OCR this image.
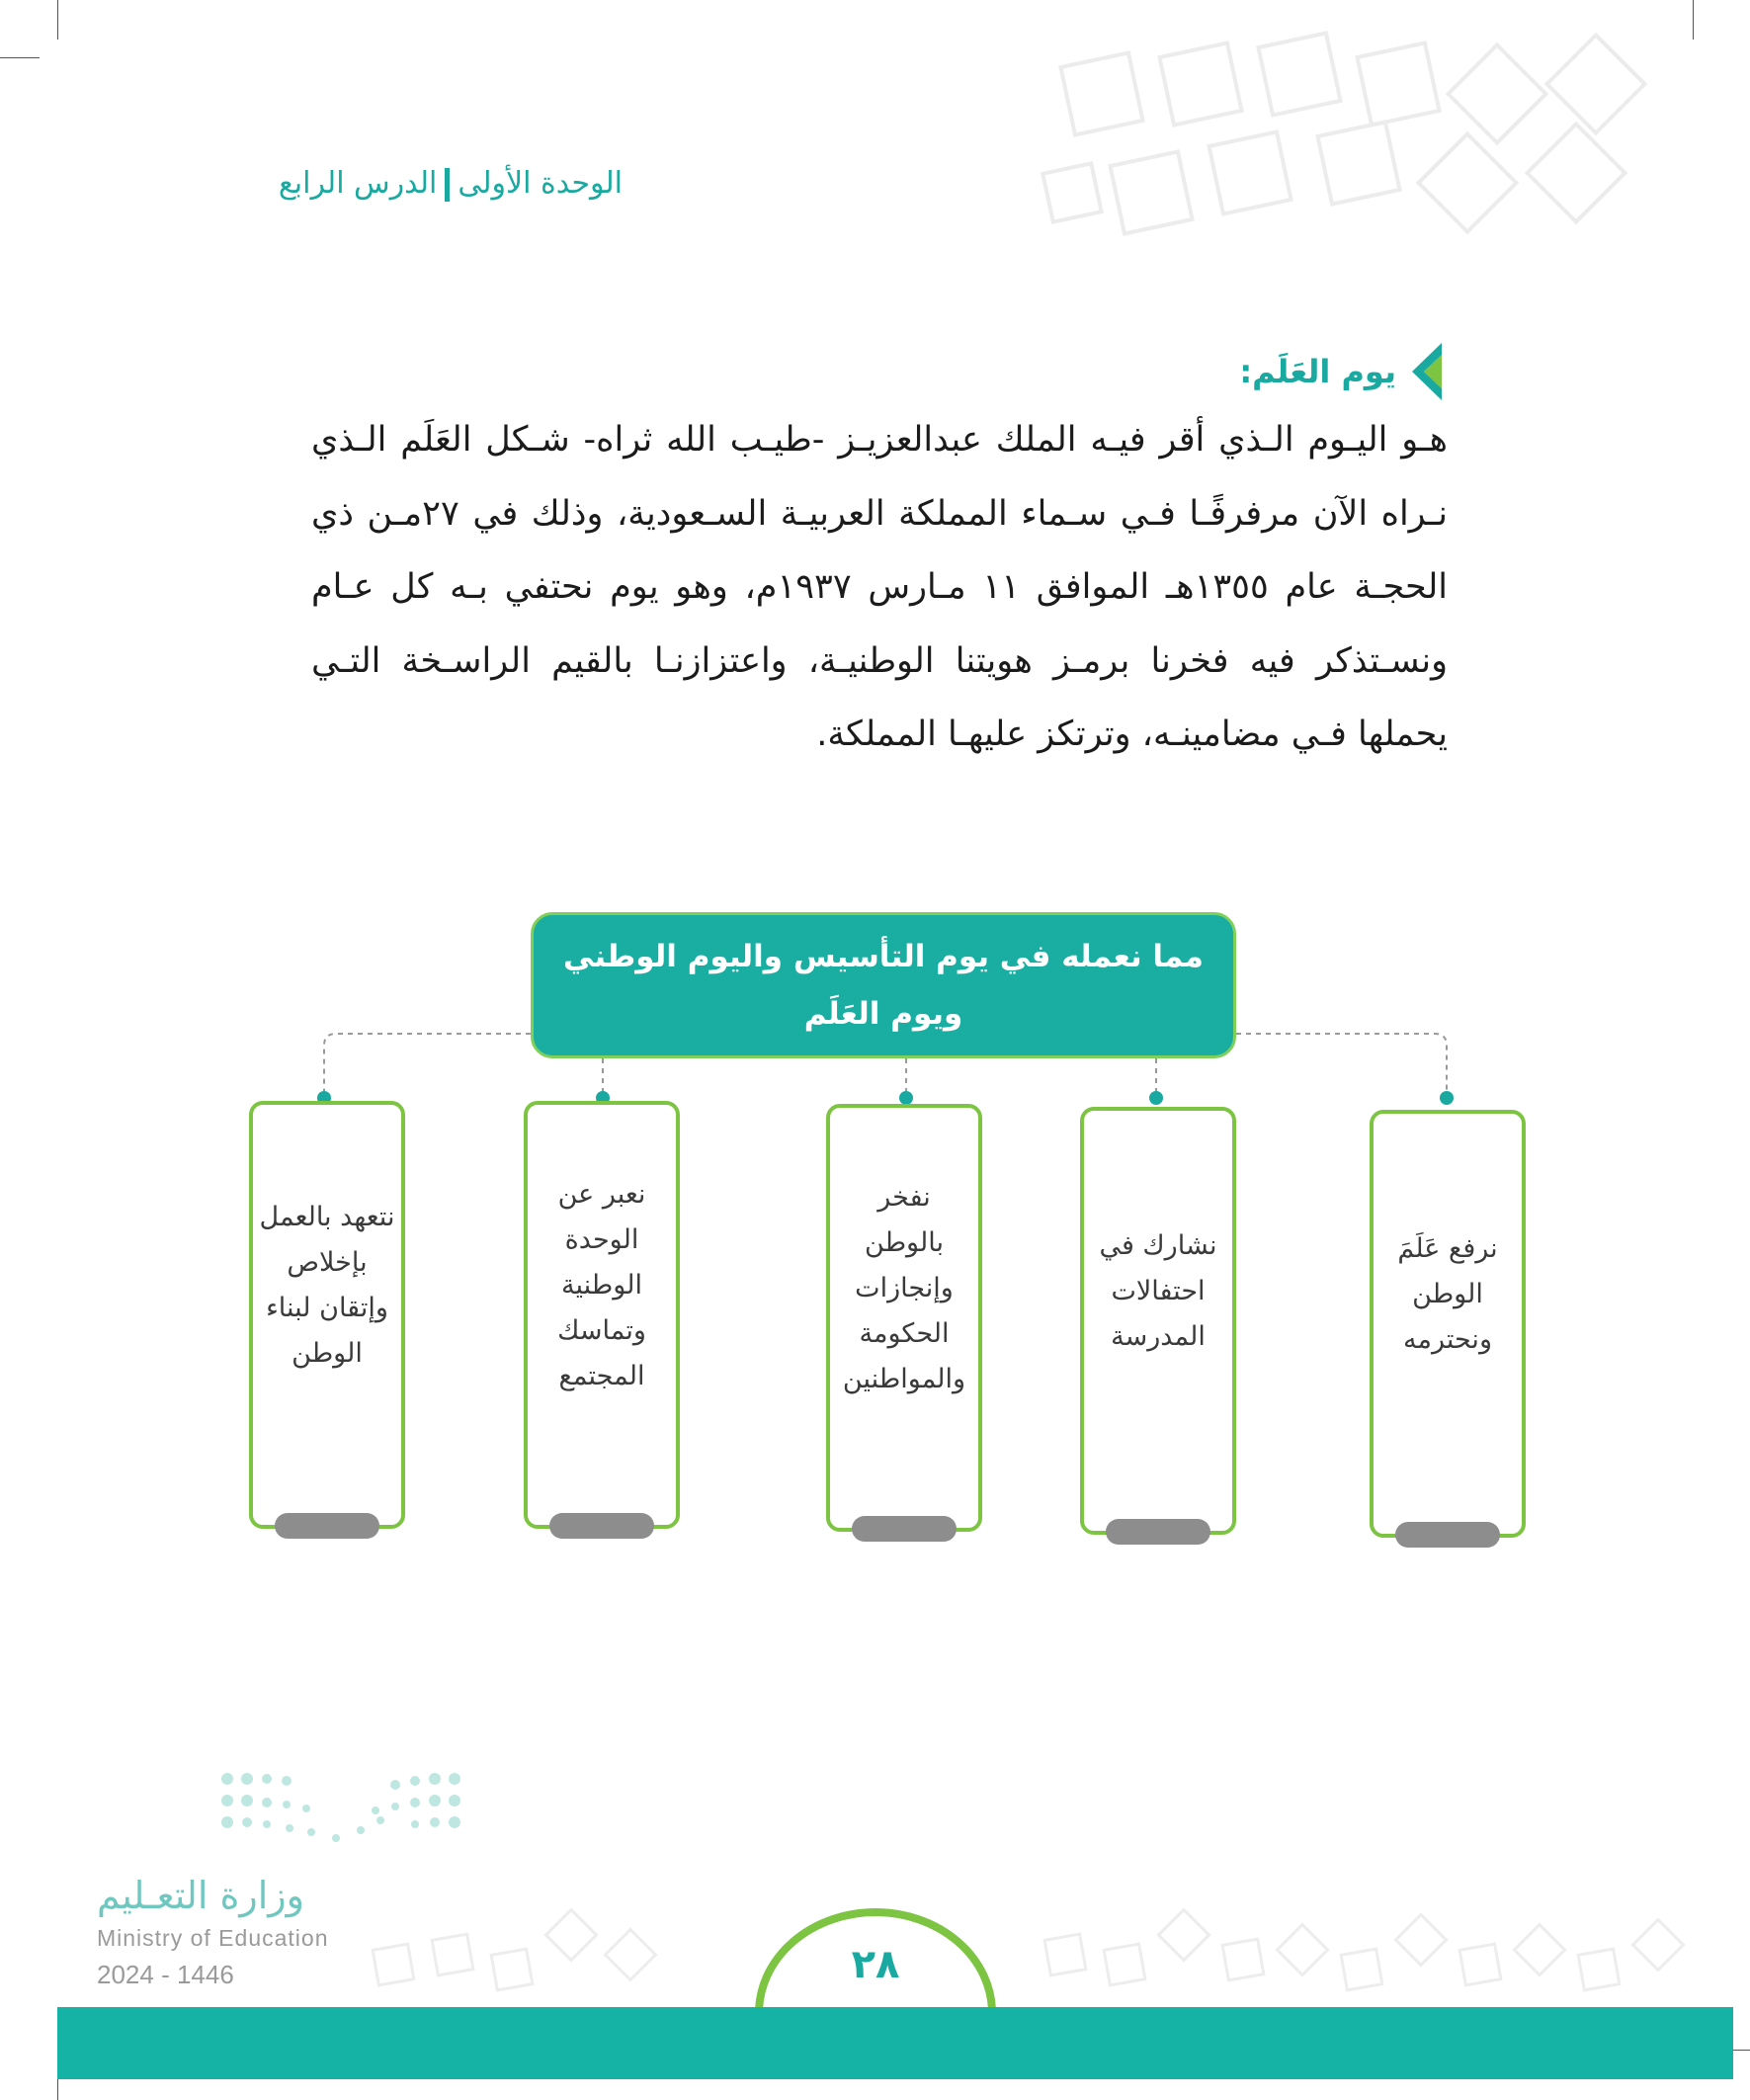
الوحدة الأولىالدرس الرابع
يوم العَلَم:
هـو اليـوم الـذي أقر فيـه الملك عبدالعزيـز -طيـب الله ثراه- شـكل العَلَم الـذي نـراه الآن مرفرفًـا فـي سـماء المملكة العربيـة السـعودية، وذلك في ٢٧مـن ذي الحجـة عام ١٣٥٥هـ الموافق ١١ مـارس ١٩٣٧م، وهو يوم نحتفي بـه كل عـام ونسـتذكر فيه فخرنا برمـز هويتنا الوطنيـة، واعتزازنـا بالقيم الراسـخة التـي يحملها فـي مضامينـه، وترتكز عليهـا المملكة.
مما نعمله في يوم التأسيس واليوم الوطني
ويوم العَلَم
نرفع عَلَمَ الوطن ونحترمه
نشارك في احتفالات المدرسة
نفخر بالوطن وإنجازات الحكومة والمواطنين
نعبر عن الوحدة الوطنية وتماسك المجتمع
نتعهد بالعمل بإخلاص وإتقان لبناء الوطن
وزارة التعـليم
Ministry of Education
2024 - 1446	٢٨
